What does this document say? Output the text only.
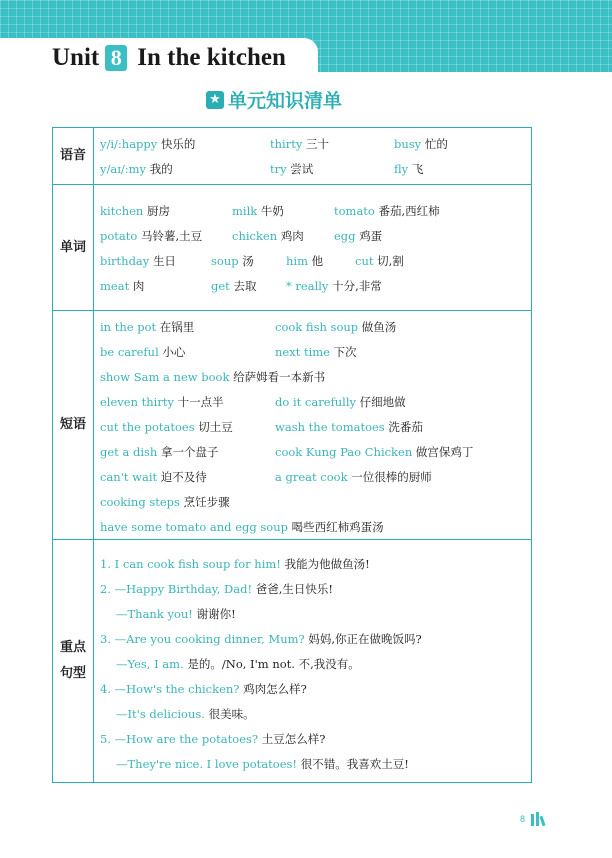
Unit 8 In the kitchen
★ 单元知识清单
语音
y/i/:happy 快乐的	thirty 三十	busy 忙的
y/aɪ/:my 我的	try 尝试	fly 飞
单词
kitchen 厨房	milk 牛奶	tomato 番茄,西红柿
potato 马铃薯,土豆	chicken 鸡肉	egg 鸡蛋
birthday 生日	soup 汤	him 他	cut 切,割
meat 肉	get 去取	* really 十分,非常
短语
in the pot 在锅里	cook fish soup 做鱼汤
be careful 小心	next time 下次
show Sam a new book 给萨姆看一本新书
eleven thirty 十一点半	do it carefully 仔细地做
cut the potatoes 切土豆	wash the tomatoes 洗番茄
get a dish 拿一个盘子	cook Kung Pao Chicken 做宫保鸡丁
can't wait 迫不及待	a great cook 一位很棒的厨师
cooking steps 烹饪步骤
have some tomato and egg soup 喝些西红柿鸡蛋汤
重点
句型
1. I can cook fish soup for him! 我能为他做鱼汤!
2. —Happy Birthday, Dad! 爸爸,生日快乐!
—Thank you! 谢谢你!
3. —Are you cooking dinner, Mum? 妈妈,你正在做晚饭吗?
—Yes, I am. 是的。/No, I'm not. 不,我没有。
4. —How's the chicken? 鸡肉怎么样?
—It's delicious. 很美味。
5. —How are the potatoes? 土豆怎么样?
—They're nice. I love potatoes! 很不错。我喜欢土豆!
8
